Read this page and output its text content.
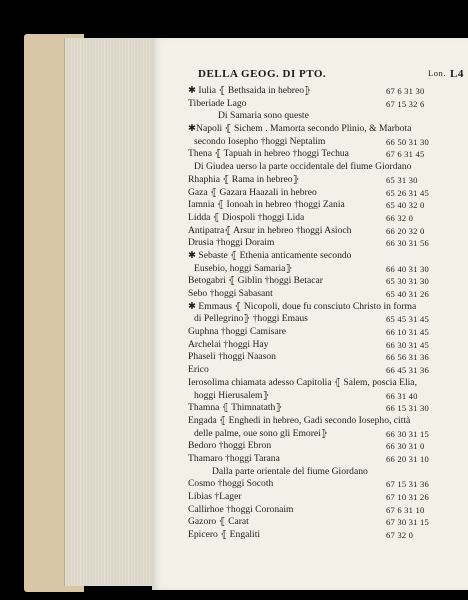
DELLA GEOG. DI PTO.	Lon. L4
✱ Iulia ⦃ Bethsaida in hebreo⦄	67 6 31 30
Tiberiade Lago	67 15 32 6
Di Samaria sono queste
✱Napoli ⦃ Sichem . Mamorta secondo Plinio, & Marbota
secondo Iosepho †hoggi Neptalim	66 50 31 30
Thena ⦃ Tapuah in hebreo †hoggi Techua	67 6 31 45
Di Giudea uerso la parte occidentale del fiume Giordano
Rhaphia ⦃ Rama in hebreo⦄	65 31 30
Gaza ⦃ Gazara Haazali in hebreo	65 26 31 45
Iamnia ⦃ Ionoah in hebreo †hoggi Zania	65 40 32 0
Lidda ⦃ Diospoli †hoggi Lida	66 32 0
Antipatra⦃ Arsur in hebreo †hoggi Asioch	66 20 32 0
Drusia †hoggi Doraim	66 30 31 56
✱ Sebaste ⦃ Ethenia anticamente secondo
Eusebio, hoggi Samaria⦄	66 40 31 30
Betogabri ⦃ Giblin †hoggi Betacar	65 30 31 30
Sebo †hoggi Sabasant	65 40 31 26
✱ Emmaus ⦃ Nicopoli, doue fu consciuto Christo in forma
di Pellegrino⦄ †hoggi Emaus	65 45 31 45
Guphna †hoggi Camisare	66 10 31 45
Archelai †hoggi Hay	66 30 31 45
Phaseli †hoggi Naason	66 56 31 36
Erico	66 45 31 36
Ierosolima chiamata adesso Capitolia ⦃ Salem, poscia Elia,
hoggi Hierusalem⦄	66 31 40
Thamna ⦃ Thimnatath⦄	66 15 31 30
Engada ⦃ Enghedi in hebreo, Gadi secondo Iosepho, città
delle palme, oue sono gli Emorei⦄	66 30 31 15
Bedoro †hoggi Ebron	66 30 31 0
Thamaro †hoggi Tarana	66 20 31 10
Dalla parte orientale del fiume Giordano
Cosmo †hoggi Socoth	67 15 31 36
Libias †Lager	67 10 31 26
Callirhoe †hoggi Coronaim	67 6 31 10
Gazoro ⦃ Carat	67 30 31 15
Epicero ⦃ Engaliti	67 32 0
